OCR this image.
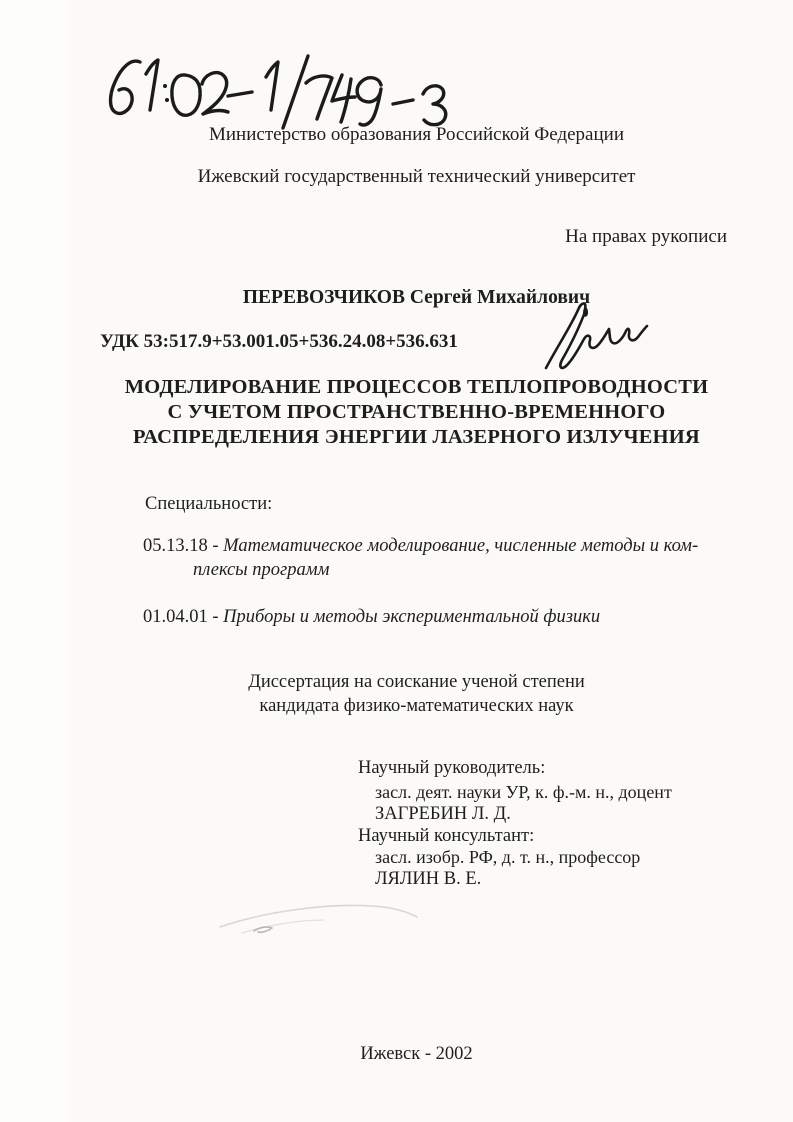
Министерство образования Российской Федерации
Ижевский государственный технический университет
На правах рукописи
ПЕРЕВОЗЧИКОВ Сергей Михайлович
УДК 53:517.9+53.001.05+536.24.08+536.631
МОДЕЛИРОВАНИЕ ПРОЦЕССОВ ТЕПЛОПРОВОДНОСТИ
С УЧЕТОМ ПРОСТРАНСТВЕННО-ВРЕМЕННОГО
РАСПРЕДЕЛЕНИЯ ЭНЕРГИИ ЛАЗЕРНОГО ИЗЛУЧЕНИЯ
Специальности:
05.13.18 - Математическое моделирование, численные методы и ком-
плексы программ
01.04.01 - Приборы и методы экспериментальной физики
Диссертация на соискание ученой степени
кандидата физико-математических наук
Научный руководитель:
засл. деят. науки УР, к. ф.-м. н., доцент
ЗАГРЕБИН Л. Д.
Научный консультант:
засл. изобр. РФ, д. т. н., профессор
ЛЯЛИН В. Е.
Ижевск - 2002
